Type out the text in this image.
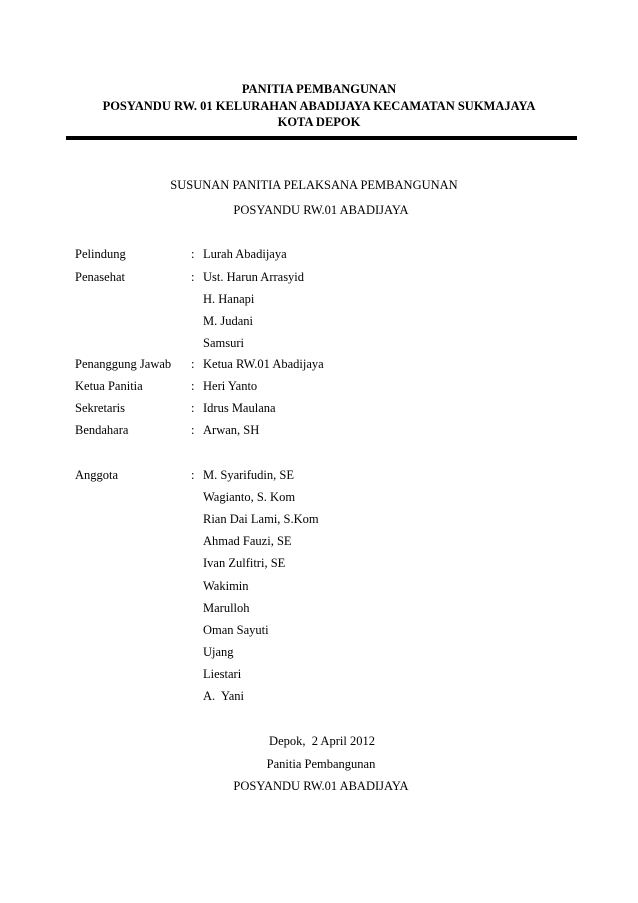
PANITIA PEMBANGUNAN
POSYANDU RW. 01 KELURAHAN ABADIJAYA KECAMATAN SUKMAJAYA
KOTA DEPOK
SUSUNAN PANITIA PELAKSANA PEMBANGUNAN
POSYANDU RW.01 ABADIJAYA
Pelindung	: Lurah Abadijaya
Penasehat	: Ust. Harun Arrasyid
H. Hanapi
M. Judani
Samsuri
Penanggung Jawab : Ketua RW.01 Abadijaya
Ketua Panitia	: Heri Yanto
Sekretaris	: Idrus Maulana
Bendahara	: Arwan, SH
Anggota	: M. Syarifudin, SE
Wagianto, S. Kom
Rian Dai Lami, S.Kom
Ahmad Fauzi, SE
Ivan Zulfitri, SE
Wakimin
Marulloh
Oman Sayuti
Ujang
Liestari
A.  Yani
Depok,  2 April 2012
Panitia Pembangunan
POSYANDU RW.01 ABADIJAYA
